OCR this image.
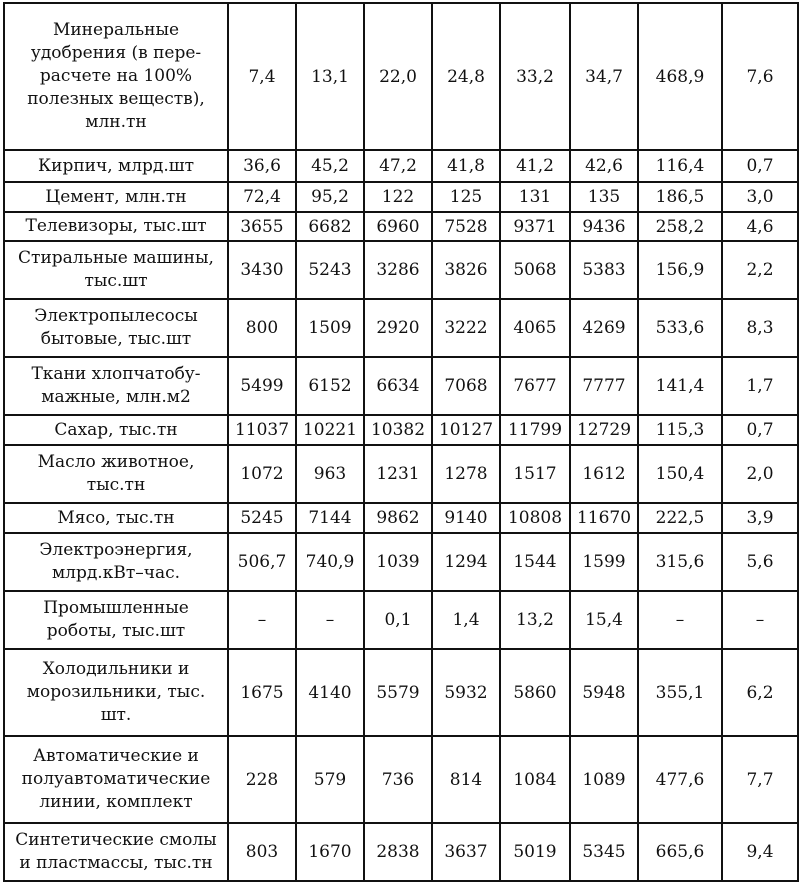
Минеральные удобрения (в пере-расчете на 100% полезных веществ), млн.тн	7,4	13,1	22,0	24,8	33,2	34,7	468,9	7,6
Кирпич, млрд.шт	36,6	45,2	47,2	41,8	41,2	42,6	116,4	0,7
Цемент, млн.тн	72,4	95,2	122	125	131	135	186,5	3,0
Телевизоры, тыс.шт	3655	6682	6960	7528	9371	9436	258,2	4,6
Стиральные машины, тыс.шт	3430	5243	3286	3826	5068	5383	156,9	2,2
Электропылесосы бытовые, тыс.шт	800	1509	2920	3222	4065	4269	533,6	8,3
Ткани хлопчатобу-мажные, млн.м2	5499	6152	6634	7068	7677	7777	141,4	1,7
Сахар, тыс.тн	11037	10221	10382	10127	11799	12729	115,3	0,7
Масло животное, тыс.тн	1072	963	1231	1278	1517	1612	150,4	2,0
Мясо, тыс.тн	5245	7144	9862	9140	10808	11670	222,5	3,9
Электроэнергия, млрд.кВт–час.	506,7	740,9	1039	1294	1544	1599	315,6	5,6
Промышленные роботы, тыс.шт	–	–	0,1	1,4	13,2	15,4	–	–
Холодильники и морозильники, тыс. шт.	1675	4140	5579	5932	5860	5948	355,1	6,2
Автоматические и полуавтоматические линии, комплект	228	579	736	814	1084	1089	477,6	7,7
Синтетические смолы и пластмассы, тыс.тн	803	1670	2838	3637	5019	5345	665,6	9,4
